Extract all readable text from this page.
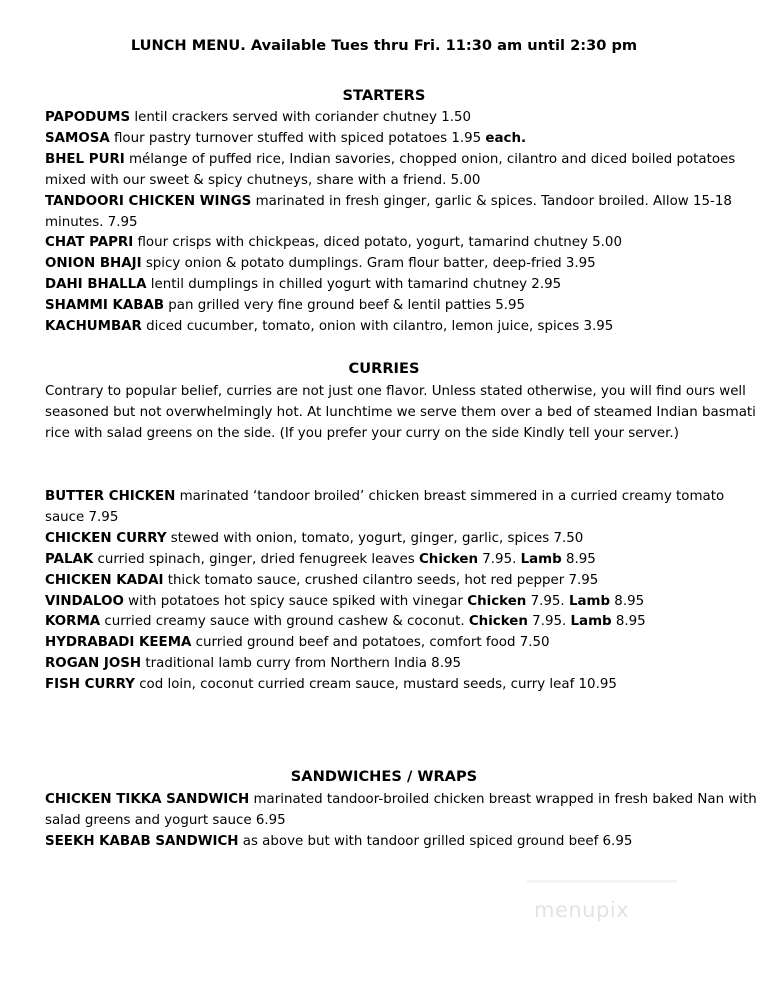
LUNCH MENU. Available Tues thru Fri. 11:30 am until 2:30 pm
STARTERS

PAPODUMS lentil crackers served with coriander chutney 1.50

SAMOSA flour pastry turnover stuffed with spiced potatoes 1.95 each.

BHEL PURI mélange of puffed rice, Indian savories, chopped onion, cilantro and diced boiled potatoes mixed with our sweet & spicy chutneys, share with a friend. 5.00

TANDOORI CHICKEN WINGS marinated in fresh ginger, garlic & spices. Tandoor broiled. Allow 15-18 minutes. 7.95

CHAT PAPRI flour crisps with chickpeas, diced potato, yogurt, tamarind chutney 5.00

ONION BHAJI spicy onion & potato dumplings. Gram flour batter, deep-fried 3.95

DAHI BHALLA lentil dumplings in chilled yogurt with tamarind chutney 2.95

SHAMMI KABAB pan grilled very fine ground beef & lentil patties 5.95

KACHUMBAR diced cucumber, tomato, onion with cilantro, lemon juice, spices 3.95

CURRIES

Contrary to popular belief, curries are not just one flavor. Unless stated otherwise, you will find ours well seasoned but not overwhelmingly hot. At lunchtime we serve them over a bed of steamed Indian basmati rice with salad greens on the side. (If you prefer your curry on the side Kindly tell your server.)

BUTTER CHICKEN marinated ‘tandoor broiled’ chicken breast simmered in a curried creamy tomato sauce 7.95

CHICKEN CURRY stewed with onion, tomato, yogurt, ginger, garlic, spices 7.50

PALAK curried spinach, ginger, dried fenugreek leaves Chicken 7.95. Lamb 8.95

CHICKEN KADAI thick tomato sauce, crushed cilantro seeds, hot red pepper 7.95

VINDALOO with potatoes hot spicy sauce spiked with vinegar Chicken 7.95. Lamb 8.95

KORMA curried creamy sauce with ground cashew & coconut. Chicken 7.95. Lamb 8.95

HYDRABADI KEEMA curried ground beef and potatoes, comfort food 7.50

ROGAN JOSH traditional lamb curry from Northern India 8.95

FISH CURRY cod loin, coconut curried cream sauce, mustard seeds, curry leaf 10.95

SANDWICHES / WRAPS

CHICKEN TIKKA SANDWICH marinated tandoor-broiled chicken breast wrapped in fresh baked Nan with salad greens and yogurt sauce 6.95

SEEKH KABAB SANDWICH as above but with tandoor grilled spiced ground beef 6.95

menupix
